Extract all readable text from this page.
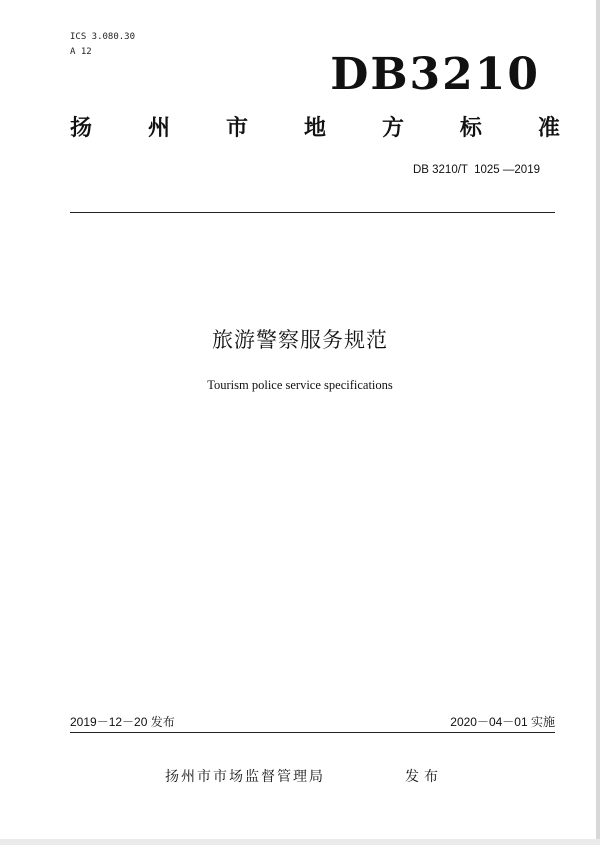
ICS 3.080.30
A 12	DB3210
扬	州	市	地	方	标	准
DB 3210/T  1025 —2019
旅游警察服务规范
Tourism police service specifications
2019－12－20 发布	2020－04－01 实施
扬州市市场监督管理局	发布
